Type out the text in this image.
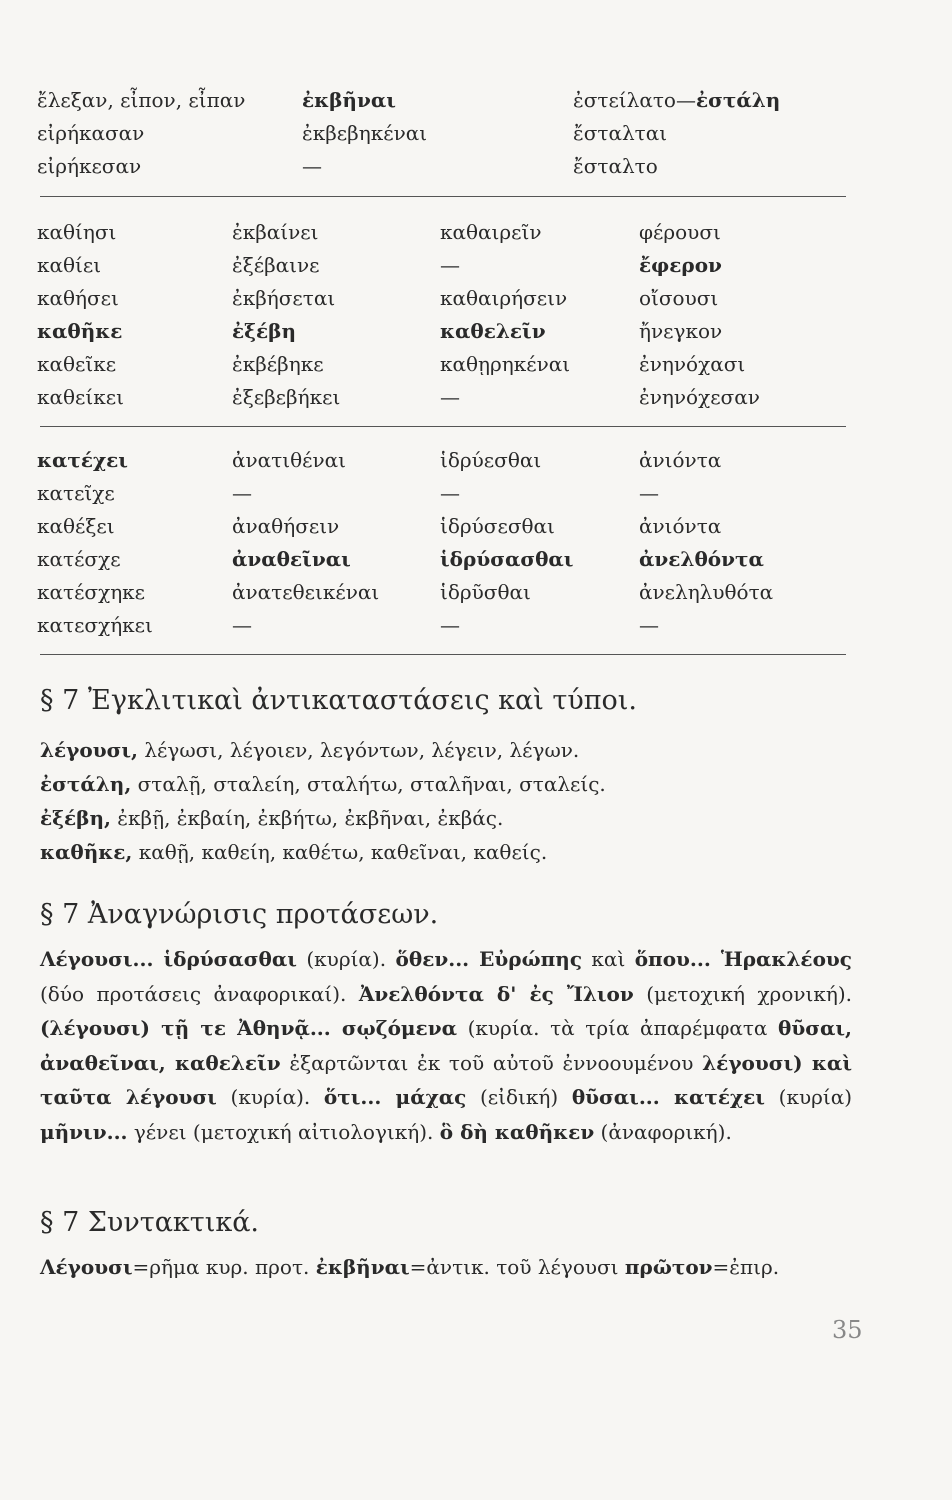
ἔλεξαν, εἶπον, εἶπαν	ἐκβῆναι	ἐστείλατο—ἐστάλη
εἰρήκασαν	ἐκβεβηκέναι	ἔσταλται
εἰρήκεσαν	—	ἔσταλτο
καθίησι	ἐκβαίνει	καθαιρεῖν	φέρουσι
καθίει	ἐξέβαινε	—	ἔφερον
καθήσει	ἐκβήσεται	καθαιρήσειν	οἴσουσι
καθῆκε	ἐξέβη	καθελεῖν	ἤνεγκον
καθεῖκε	ἐκβέβηκε	καθῃρηκέναι	ἐνηνόχασι
καθείκει	ἐξεβεβήκει	—	ἐνηνόχεσαν
κατέχει	ἀνατιθέναι	ἱδρύεσθαι	ἀνιόντα
κατεῖχε	—	—	—
καθέξει	ἀναθήσειν	ἱδρύσεσθαι	ἀνιόντα
κατέσχε	ἀναθεῖναι	ἱδρύσασθαι	ἀνελθόντα
κατέσχηκε	ἀνατεθεικέναι	ἱδρῦσθαι	ἀνεληλυθότα
κατεσχήκει	—	—	—
§ 7 Ἐγκλιτικαὶ ἀντικαταστάσεις καὶ τύποι.
λέγουσι, λέγωσι, λέγοιεν, λεγόντων, λέγειν, λέγων.
ἐστάλη, σταλῇ, σταλείη, σταλήτω, σταλῆναι, σταλείς.
ἐξέβη, ἐκβῇ, ἐκβαίη, ἐκβήτω, ἐκβῆναι, ἐκβάς.
καθῆκε, καθῇ, καθείη, καθέτω, καθεῖναι, καθείς.
§ 7 Ἀναγνώρισις προτάσεων.
Λέγουσι... ἱδρύσασθαι (κυρία). ὅθεν... Εὐρώπης καὶ ὅπου... Ἡρακλέους (δύο προτάσεις ἀναφορικαί). Ἀνελθόντα δ' ἐς Ἴλιον (μετοχική χρονική). (λέγουσι) τῇ τε Ἀθηνᾷ... σῳζόμενα (κυρία. τὰ τρία ἀπαρέμφατα θῦσαι, ἀναθεῖναι, καθελεῖν ἐξαρτῶνται ἐκ τοῦ αὐτοῦ ἐννοουμένου λέγουσι) καὶ ταῦτα λέγουσι (κυρία). ὅτι... μάχας (εἰδική) θῦσαι... κατέχει (κυρία) μῆνιν... γένει (μετοχική αἰτιολογική). ὃ δὴ καθῆκεν (ἀναφορική).
§ 7 Συντακτικά.
Λέγουσι=ρῆμα κυρ. προτ. ἐκβῆναι=ἀντικ. τοῦ λέγουσι πρῶτον=ἐπιρ.
35
